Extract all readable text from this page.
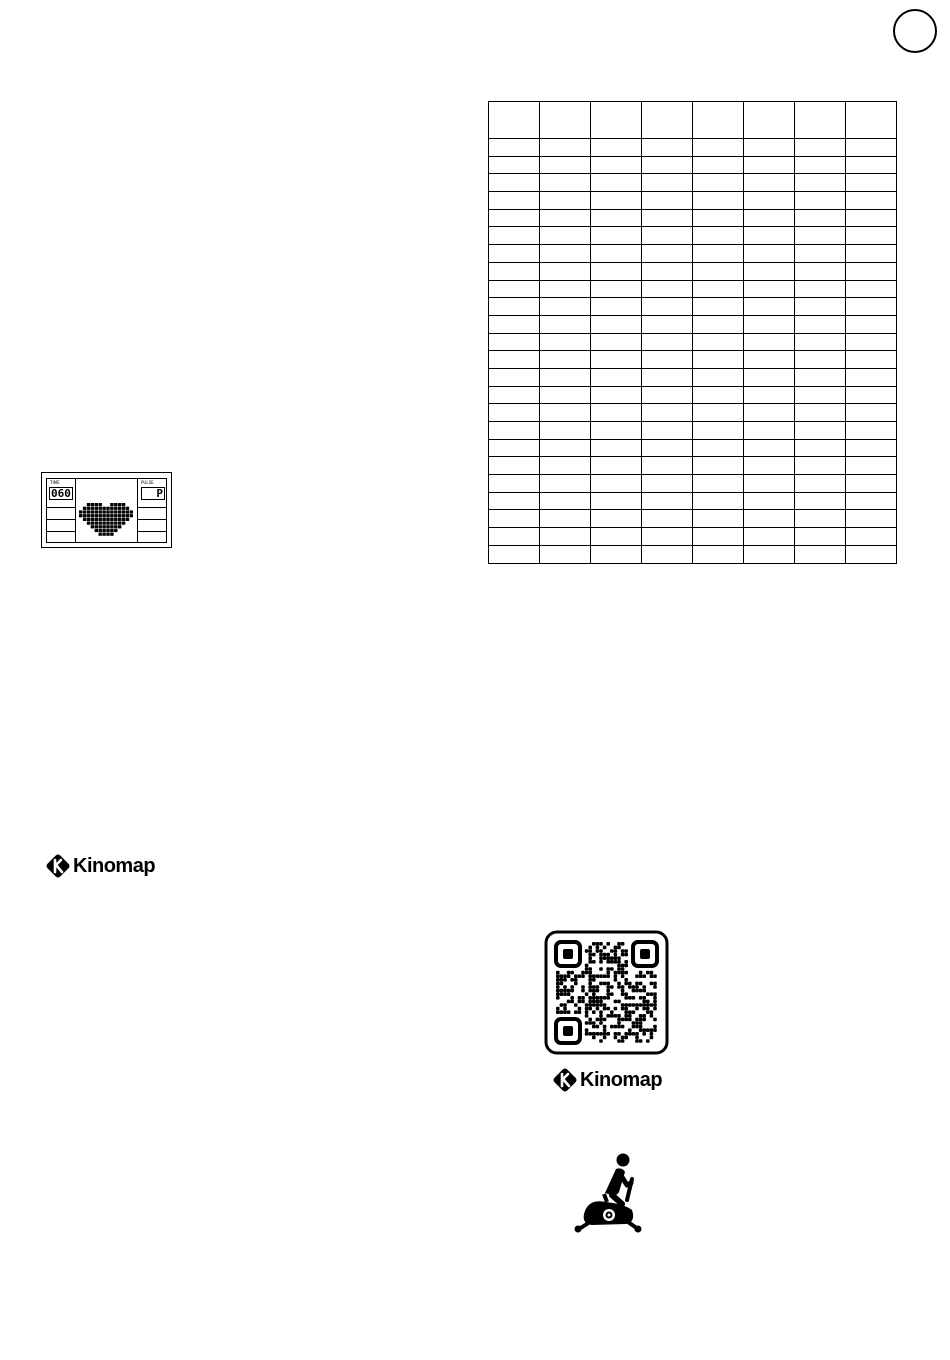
TIME
060
PULSE
P

Kinomap
Kinomap
